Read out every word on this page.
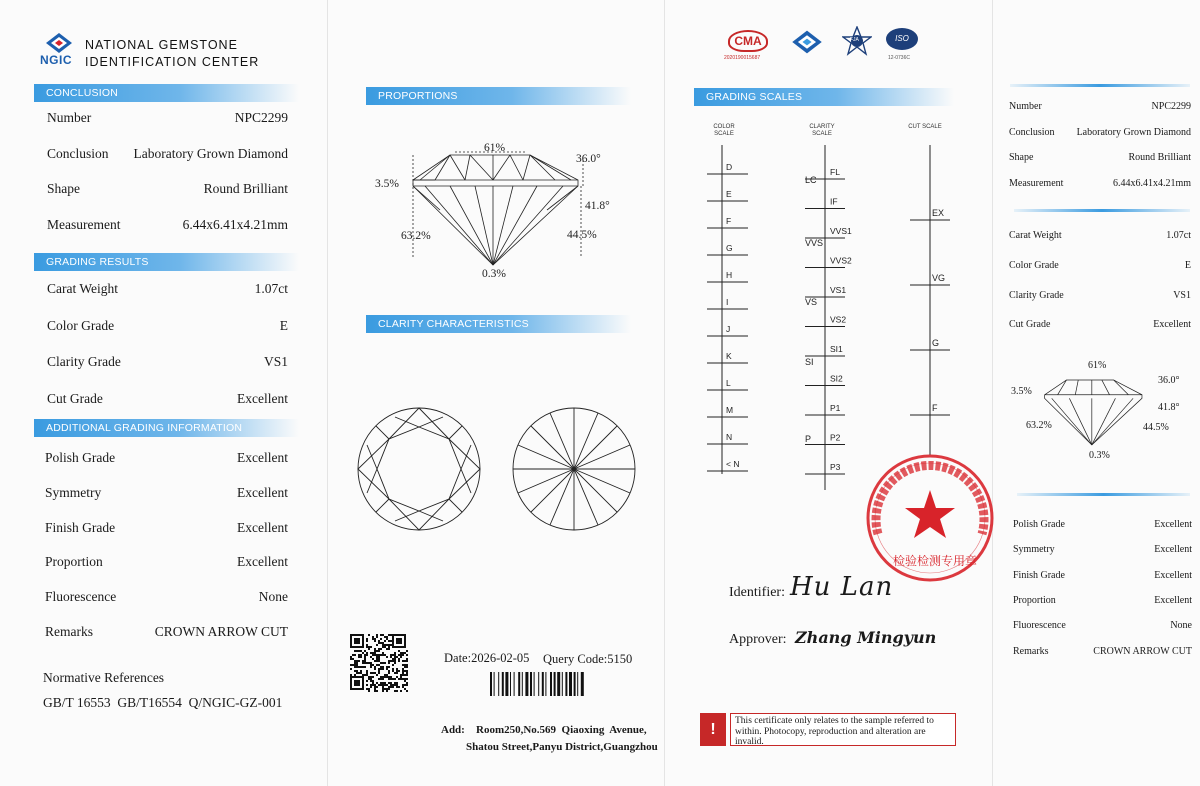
NGIC
NATIONAL GEMSTONE
IDENTIFICATION CENTER
CONCLUSION
Number	NPC2299
Conclusion Laboratory Grown Diamond
Shape	Round Brilliant
Measurement	6.44x6.41x4.21mm
GRADING RESULTS
Carat Weight	1.07ct
Color Grade	E
Clarity Grade	VS1
Cut Grade	Excellent
ADDITIONAL GRADING INFORMATION
Polish Grade	Excellent
Symmetry	Excellent
Finish Grade	Excellent
Proportion	Excellent
Fluorescence	None
Remarks	CROWN ARROW CUT
Normative References
GB/T 16553  GB/T16554  Q/NGIC-GZ-001
PROPORTIONS
61%
36.0°
3.5%
41.8°
63.2%	44.5%
0.3%
CLARITY CHARACTERISTICS
Date:2026-02-05 Query Code:5150
Add: Room250,No.569  Qiaoxing  Avenue,
Shatou Street,Panyu District,Guangzhou
CMA
2020190015687
FJA	ISO
12-0736C
GRADING SCALES
COLOR SCALE
CLARITY SCALE
CUT SCALE
D
E
F
G
H
I
J
K
L
M
N
< N
FL
IF
VVS1
VVS2
VS1
VS2
SI1
SI2
P1
P2
P3
LC
VVS
VS
SI
P
EX
VG
G
F
检验检测专用章
Identifier: Hu Lan
Approver: Zhang Mingyun
!	This certificate only relates to the sample referred to within. Photocopy, reproduction and alteration are invalid.
Number	NPC2299
Conclusion Laboratory Grown Diamond
Shape	Round Brilliant
Measurement	6.44x6.41x4.21mm
Carat Weight	1.07ct
Color Grade	E
Clarity Grade	VS1
Cut Grade	Excellent
61%
36.0°
3.5%
41.8°
63.2%	44.5%
0.3%
Polish Grade	Excellent
Symmetry	Excellent
Finish Grade	Excellent
Proportion	Excellent
Fluorescence	None
Remarks	CROWN ARROW CUT
